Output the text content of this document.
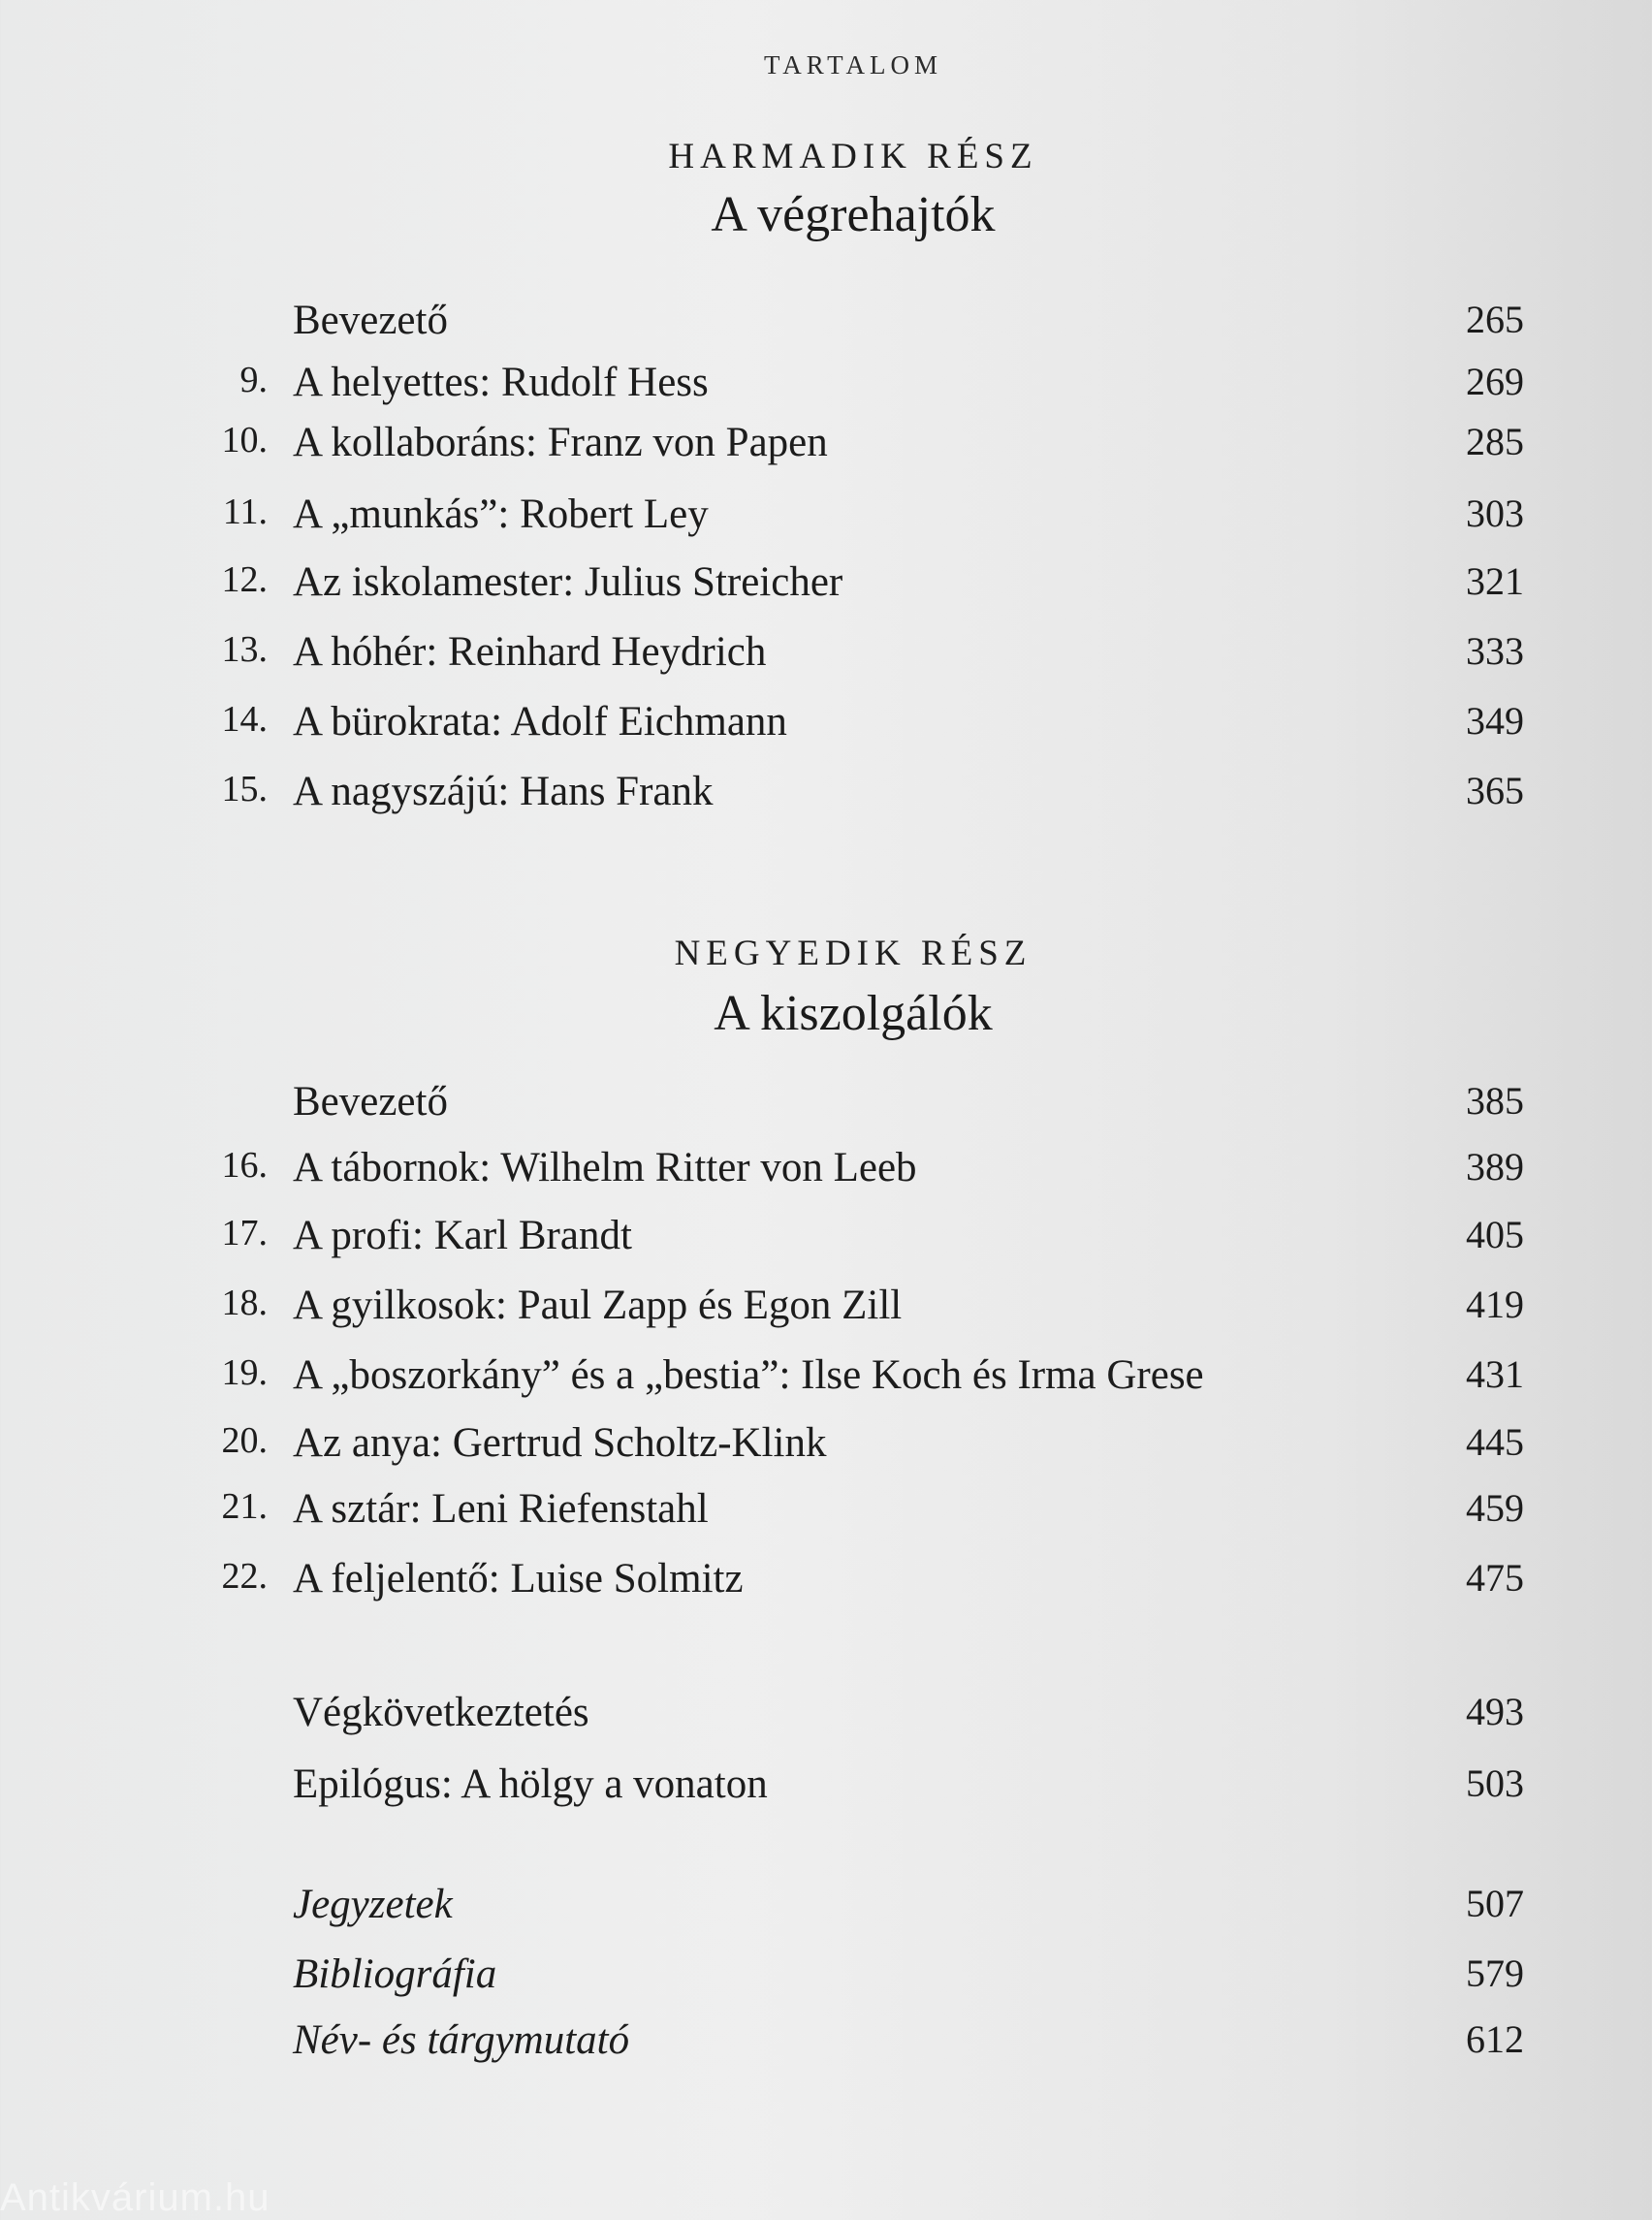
TARTALOM
HARMADIK RÉSZ
A végrehajtók
Bevezető	265
9. A helyettes: Rudolf Hess	269
10. A kollaboráns: Franz von Papen	285
11. A „munkás”: Robert Ley	303
12. Az iskolamester: Julius Streicher	321
13. A hóhér: Reinhard Heydrich	333
14. A bürokrata: Adolf Eichmann	349
15. A nagyszájú: Hans Frank	365
NEGYEDIK RÉSZ
A kiszolgálók
Bevezető	385
16. A tábornok: Wilhelm Ritter von Leeb	389
17. A profi: Karl Brandt	405
18. A gyilkosok: Paul Zapp és Egon Zill	419
19. A „boszorkány” és a „bestia”: Ilse Koch és Irma Grese	431
20. Az anya: Gertrud Scholtz-Klink	445
21. A sztár: Leni Riefenstahl	459
22. A feljelentő: Luise Solmitz	475
Végkövetkeztetés	493
Epilógus: A hölgy a vonaton	503
Jegyzetek	507
Bibliográfia	579
Név- és tárgymutató	612
Antikvárium.hu
